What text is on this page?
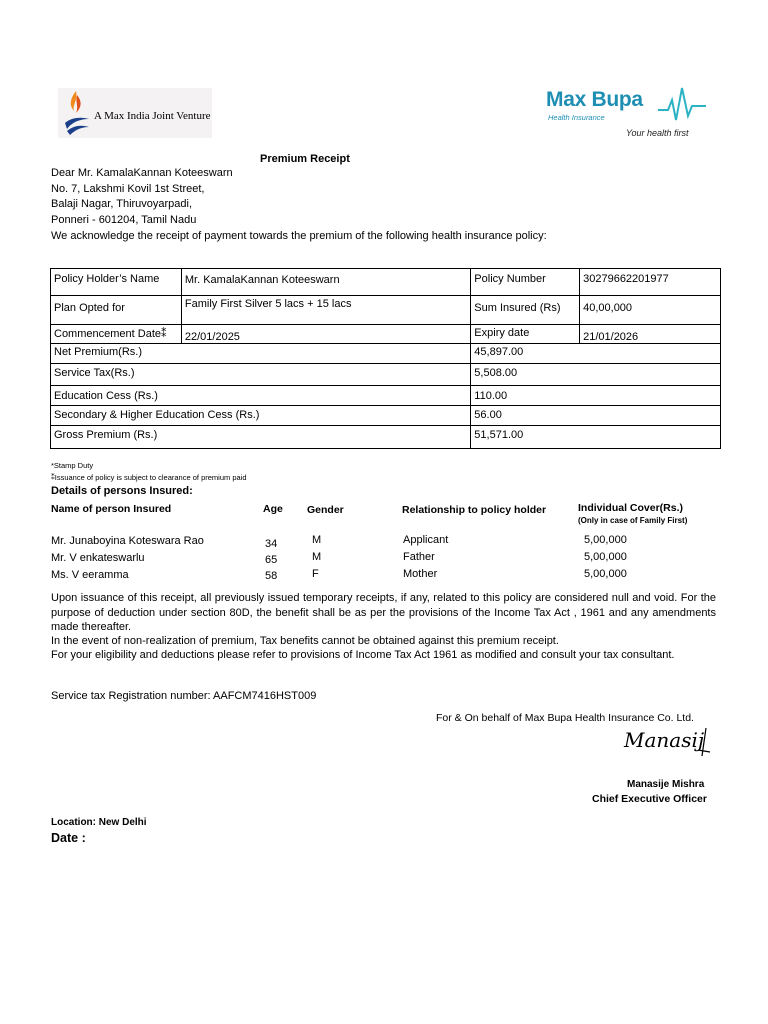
A Max India Joint Venture
Max Bupa
Health Insurance
Your health first
Premium Receipt
Dear Mr. KamalaKannan Koteeswarn
No. 7, Lakshmi Kovil 1st Street,
Balaji Nagar, Thiruvoyarpadi,
Ponneri - 601204, Tamil Nadu
We acknowledge the receipt of payment towards the premium of the following health insurance policy:
Policy Holder’s Name	Mr. KamalaKannan Koteeswarn	Policy Number	30279662201977
Plan Opted for	Family First Silver 5 lacs + 15 lacs	Sum Insured (Rs)	40,00,000
Commencement Date⁑	22/01/2025	Expiry date	21/01/2026
Net Premium(Rs.)		45,897.00	
Service Tax(Rs.)		5,508.00	
Education Cess (Rs.)		110.00	
Secondary & Higher Education Cess (Rs.)		56.00	
Gross Premium (Rs.)		51,571.00	
*Stamp Duty
⁑Issuance of policy is subject to clearance of premium paid
Details of persons Insured:
Name of person Insured	Age Gender	Relationship to policy holder	Individual Cover(Rs.)
(Only in case of Family First)
Mr. Junaboyina Koteswara Rao	34	M	Applicant	5,00,000
Mr. V enkateswarlu	65	M	Father	5,00,000
Ms. V eeramma	58	F	Mother	5,00,000
Upon issuance of this receipt, all previously issued temporary receipts, if any, related to this policy are considered null and void. For the purpose of deduction under section 80D, the benefit shall be as per the provisions of the Income Tax Act , 1961 and any amendments made thereafter.
In the event of non-realization of premium, Tax benefits cannot be obtained against this premium receipt.
For your eligibility and deductions please refer to provisions of Income Tax Act 1961 as modified and consult your tax consultant.
Service tax Registration number: AAFCM7416HST009
For & On behalf of Max Bupa Health Insurance Co. Ltd.
Manasij
Manasije Mishra
Chief Executive Officer
Location: New Delhi
Date :
